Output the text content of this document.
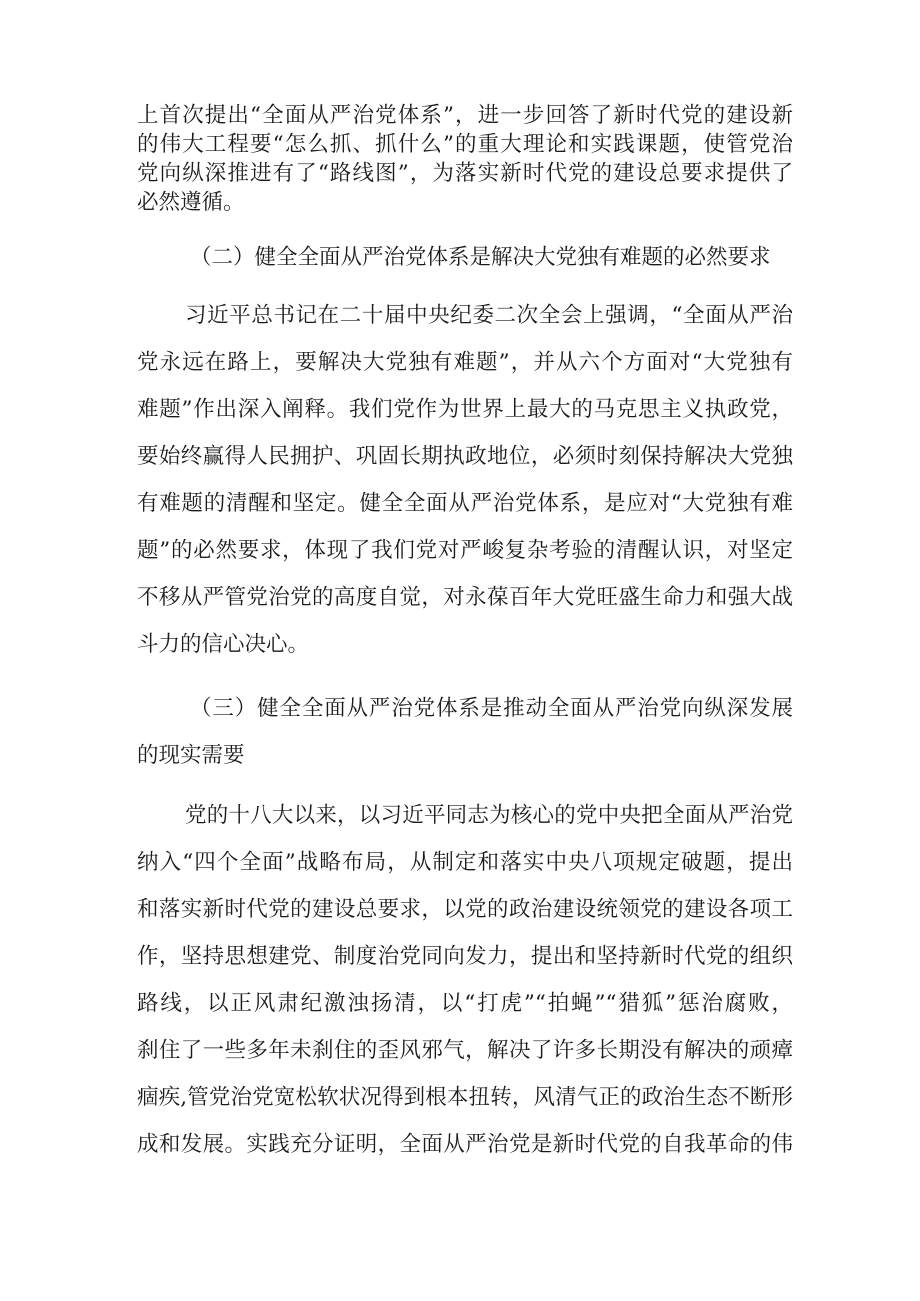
上首次提出“全面从严治党体系”，进一步回答了新时代党的建设新
的伟大工程要“怎么抓、抓什么”的重大理论和实践课题，使管党治
党向纵深推进有了“路线图”，为落实新时代党的建设总要求提供了
必然遵循。
（二）健全全面从严治党体系是解决大党独有难题的必然要求
习近平总书记在二十届中央纪委二次全会上强调，“全面从严治
党永远在路上，要解决大党独有难题”，并从六个方面对“大党独有
难题”作出深入阐释。我们党作为世界上最大的马克思主义执政党，
要始终赢得人民拥护、巩固长期执政地位，必须时刻保持解决大党独
有难题的清醒和坚定。健全全面从严治党体系，是应对“大党独有难
题”的必然要求，体现了我们党对严峻复杂考验的清醒认识，对坚定
不移从严管党治党的高度自觉，对永葆百年大党旺盛生命力和强大战
斗力的信心决心。
（三）健全全面从严治党体系是推动全面从严治党向纵深发展
的现实需要
党的十八大以来，以习近平同志为核心的党中央把全面从严治党
纳入“四个全面”战略布局，从制定和落实中央八项规定破题，提出
和落实新时代党的建设总要求，以党的政治建设统领党的建设各项工
作，坚持思想建党、制度治党同向发力，提出和坚持新时代党的组织
路线，以正风肃纪激浊扬清，以“打虎”“拍蝇”“猎狐”惩治腐败，
刹住了一些多年未刹住的歪风邪气，解决了许多长期没有解决的顽瘴
痼疾,管党治党宽松软状况得到根本扭转，风清气正的政治生态不断形
成和发展。实践充分证明，全面从严治党是新时代党的自我革命的伟
